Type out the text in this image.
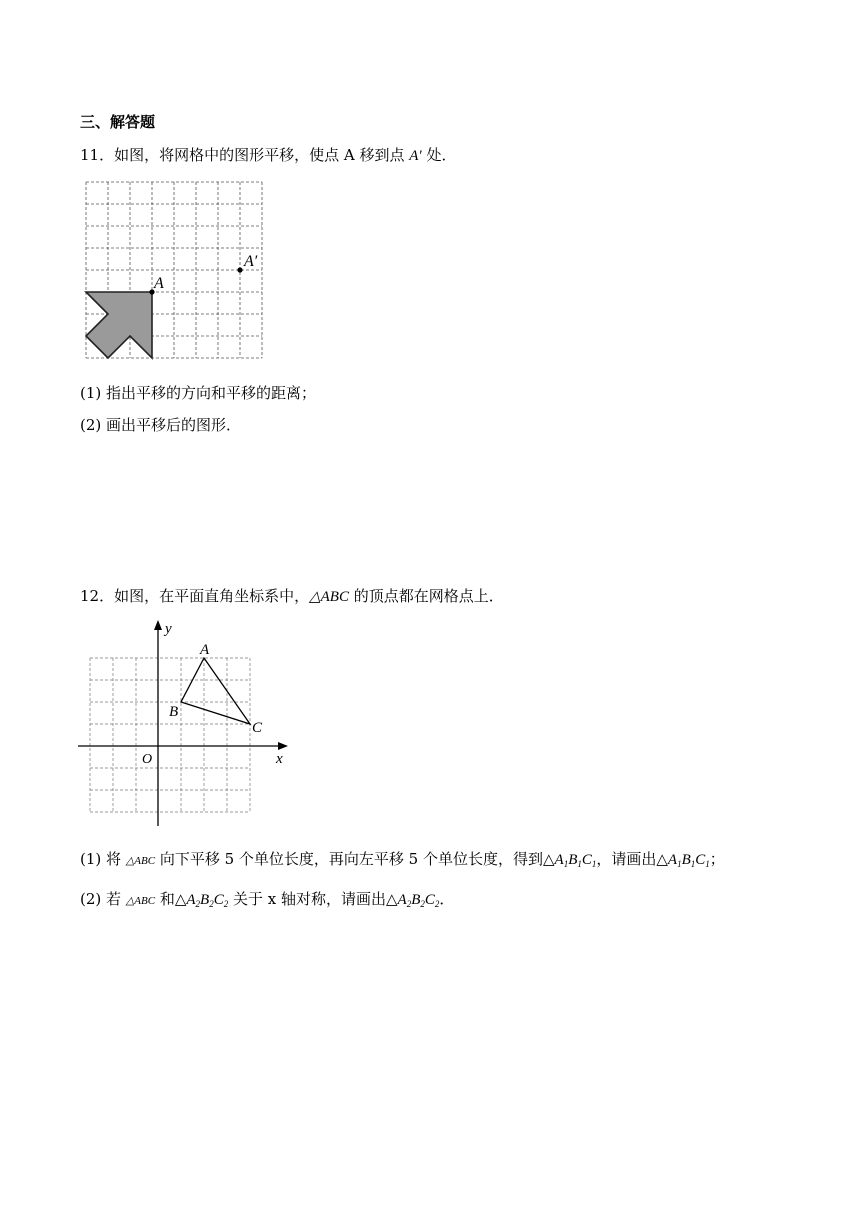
三、解答题
11．如图，将网格中的图形平移，使点 A 移到点 A′ 处．
A
A′
(1) 指出平移的方向和平移的距离；
(2) 画出平移后的图形．
12．如图，在平面直角坐标系中，△ABC 的顶点都在网格点上．
y
x
O
A
B
C
(1) 将 △ABC 向下平移 5 个单位长度，再向左平移 5 个单位长度，得到$\triangle A_1B_1C_1$，请画出$\triangle A_1B_1C_1$；
(2) 若 △ABC 和$\triangle A_2B_2C_2$ 关于 x 轴对称，请画出$\triangle A_2B_2C_2$．
